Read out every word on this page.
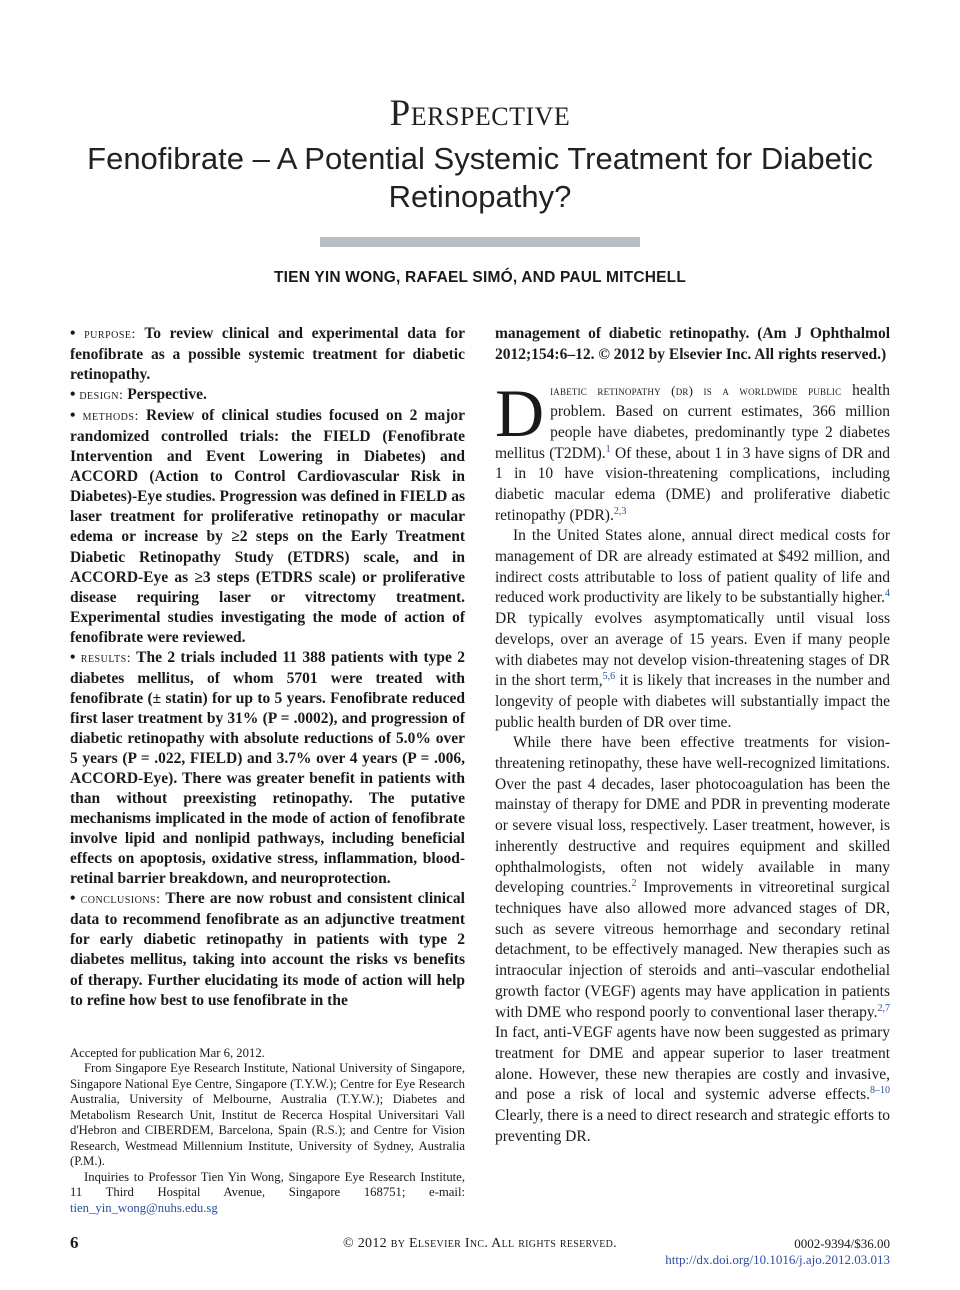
Perspective
Fenofibrate – A Potential Systemic Treatment for Diabetic Retinopathy?
TIEN YIN WONG, RAFAEL SIMÓ, AND PAUL MITCHELL

• purpose: To review clinical and experimental data for fenofibrate as a possible systemic treatment for diabetic retinopathy.

• design: Perspective.

• methods: Review of clinical studies focused on 2 major randomized controlled trials: the FIELD (Fenofibrate Intervention and Event Lowering in Diabetes) and ACCORD (Action to Control Cardiovascular Risk in Diabetes)-Eye studies. Progression was defined in FIELD as laser treatment for proliferative retinopathy or macular edema or increase by ≥2 steps on the Early Treatment Diabetic Retinopathy Study (ETDRS) scale, and in ACCORD-Eye as ≥3 steps (ETDRS scale) or proliferative disease requiring laser or vitrectomy treatment. Experimental studies investigating the mode of action of fenofibrate were reviewed.

• results: The 2 trials included 11 388 patients with type 2 diabetes mellitus, of whom 5701 were treated with fenofibrate (± statin) for up to 5 years. Fenofibrate reduced first laser treatment by 31% (P = .0002), and progression of diabetic retinopathy with absolute reductions of 5.0% over 5 years (P = .022, FIELD) and 3.7% over 4 years (P = .006, ACCORD-Eye). There was greater benefit in patients with than without preexisting retinopathy. The putative mechanisms implicated in the mode of action of fenofibrate involve lipid and nonlipid pathways, including beneficial effects on apoptosis, oxidative stress, inflammation, blood-retinal barrier breakdown, and neuroprotection.

• conclusions: There are now robust and consistent clinical data to recommend fenofibrate as an adjunctive treatment for early diabetic retinopathy in patients with type 2 diabetes mellitus, taking into account the risks vs benefits of therapy. Further elucidating its mode of action will help to refine how best to use fenofibrate in the

Accepted for publication Mar 6, 2012.

From Singapore Eye Research Institute, National University of Singapore, Singapore National Eye Centre, Singapore (T.Y.W.); Centre for Eye Research Australia, University of Melbourne, Australia (T.Y.W.); Diabetes and Metabolism Research Unit, Institut de Recerca Hospital Universitari Vall d'Hebron and CIBERDEM, Barcelona, Spain (R.S.); and Centre for Vision Research, Westmead Millennium Institute, University of Sydney, Australia (P.M.).

Inquiries to Professor Tien Yin Wong, Singapore Eye Research Institute, 11 Third Hospital Avenue, Singapore 168751; e-mail: tien_yin_wong@nuhs.edu.sg

management of diabetic retinopathy. (Am J Ophthalmol 2012;154:6–12. © 2012 by Elsevier Inc. All rights reserved.)

Diabetic retinopathy (dr) is a worldwide public health problem. Based on current estimates, 366 million people have diabetes, predominantly type 2 diabetes mellitus (T2DM).$^1$ Of these, about 1 in 3 have signs of DR and 1 in 10 have vision-threatening complications, including diabetic macular edema (DME) and proliferative diabetic retinopathy (PDR).$^{2,3}$

In the United States alone, annual direct medical costs for management of DR are already estimated at $492 million, and indirect costs attributable to loss of patient quality of life and reduced work productivity are likely to be substantially higher.$^4$ DR typically evolves asymptomatically until visual loss develops, over an average of 15 years. Even if many people with diabetes may not develop vision-threatening stages of DR in the short term,$^{5,6}$ it is likely that increases in the number and longevity of people with diabetes will substantially impact the public health burden of DR over time.

While there have been effective treatments for vision-threatening retinopathy, these have well-recognized limitations. Over the past 4 decades, laser photocoagulation has been the mainstay of therapy for DME and PDR in preventing moderate or severe visual loss, respectively. Laser treatment, however, is inherently destructive and requires equipment and skilled ophthalmologists, often not widely available in many developing countries.$^2$ Improvements in vitreoretinal surgical techniques have also allowed more advanced stages of DR, such as severe vitreous hemorrhage and secondary retinal detachment, to be effectively managed. New therapies such as intraocular injection of steroids and anti–vascular endothelial growth factor (VEGF) agents may have application in patients with DME who respond poorly to conventional laser therapy.$^{2,7}$ In fact, anti-VEGF agents have now been suggested as primary treatment for DME and appear superior to laser treatment alone. However, these new therapies are costly and invasive, and pose a risk of local and systemic adverse effects.$^{8-10}$ Clearly, there is a need to direct research and strategic efforts to preventing DR.

6	© 2012 by Elsevier Inc. All rights reserved.	0002-9394/$36.00
http://dx.doi.org/10.1016/j.ajo.2012.03.013
